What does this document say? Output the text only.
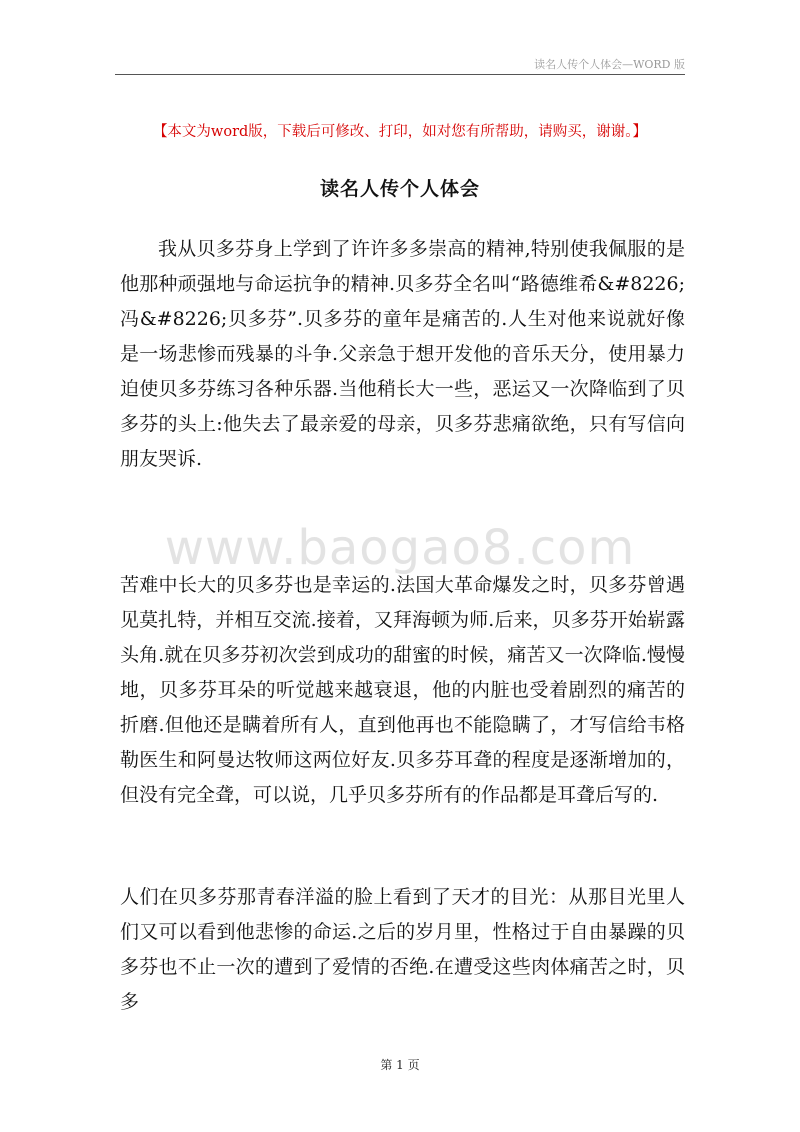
读名人传个人体会—WORD 版
【本文为word版，下载后可修改、打印，如对您有所帮助，请购买，谢谢。】
读名人传个人体会

我从贝多芬身上学到了许许多多崇高的精神,特别使我佩服的是他那种顽强地与命运抗争的精神.贝多芬全名叫“路德维希&#8226;冯&#8226;贝多芬”.贝多芬的童年是痛苦的.人生对他来说就好像是一场悲惨而残暴的斗争.父亲急于想开发他的音乐天分，使用暴力迫使贝多芬练习各种乐器.当他稍长大一些，恶运又一次降临到了贝多芬的头上:他失去了最亲爱的母亲，贝多芬悲痛欲绝，只有写信向朋友哭诉.

www.baogao8.com

苦难中长大的贝多芬也是幸运的.法国大革命爆发之时，贝多芬曾遇见莫扎特，并相互交流.接着，又拜海顿为师.后来，贝多芬开始崭露头角.就在贝多芬初次尝到成功的甜蜜的时候，痛苦又一次降临.慢慢地，贝多芬耳朵的听觉越来越衰退，他的内脏也受着剧烈的痛苦的折磨.但他还是瞒着所有人，直到他再也不能隐瞒了，才写信给韦格勒医生和阿曼达牧师这两位好友.贝多芬耳聋的程度是逐渐增加的，但没有完全聋，可以说，几乎贝多芬所有的作品都是耳聋后写的.

人们在贝多芬那青春洋溢的脸上看到了天才的目光：从那目光里人们又可以看到他悲惨的命运.之后的岁月里，性格过于自由暴躁的贝多芬也不止一次的遭到了爱情的否绝.在遭受这些肉体痛苦之时，贝多

第 1 页
